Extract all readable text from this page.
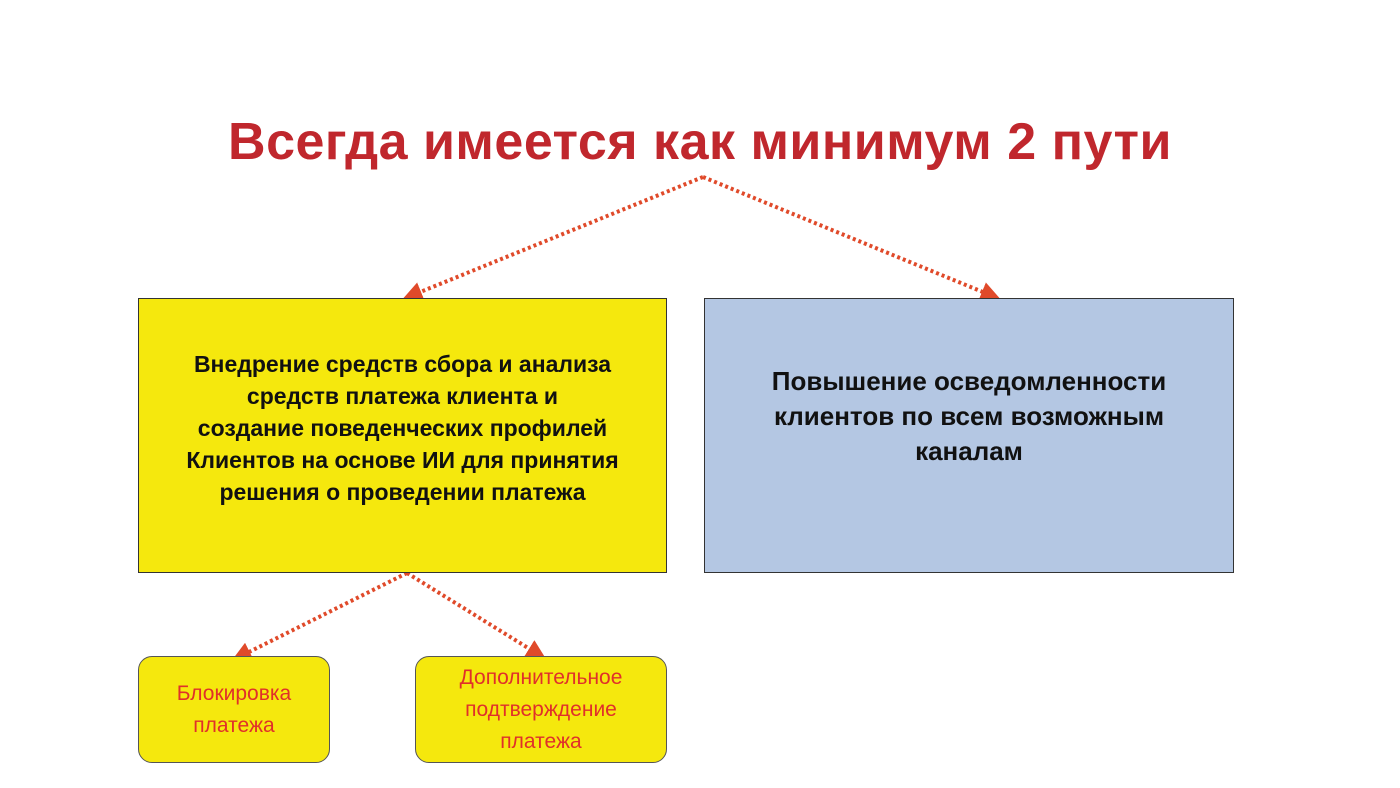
Всегда имеется как минимум 2 пути
Внедрение средств сбора и анализа
средств платежа клиента и
создание поведенческих профилей
Клиентов на основе ИИ для принятия
решения о проведении платежа
Повышение осведомленности
клиентов по всем возможным
каналам
Блокировка
платежа
Дополнительное
подтверждение
платежа
